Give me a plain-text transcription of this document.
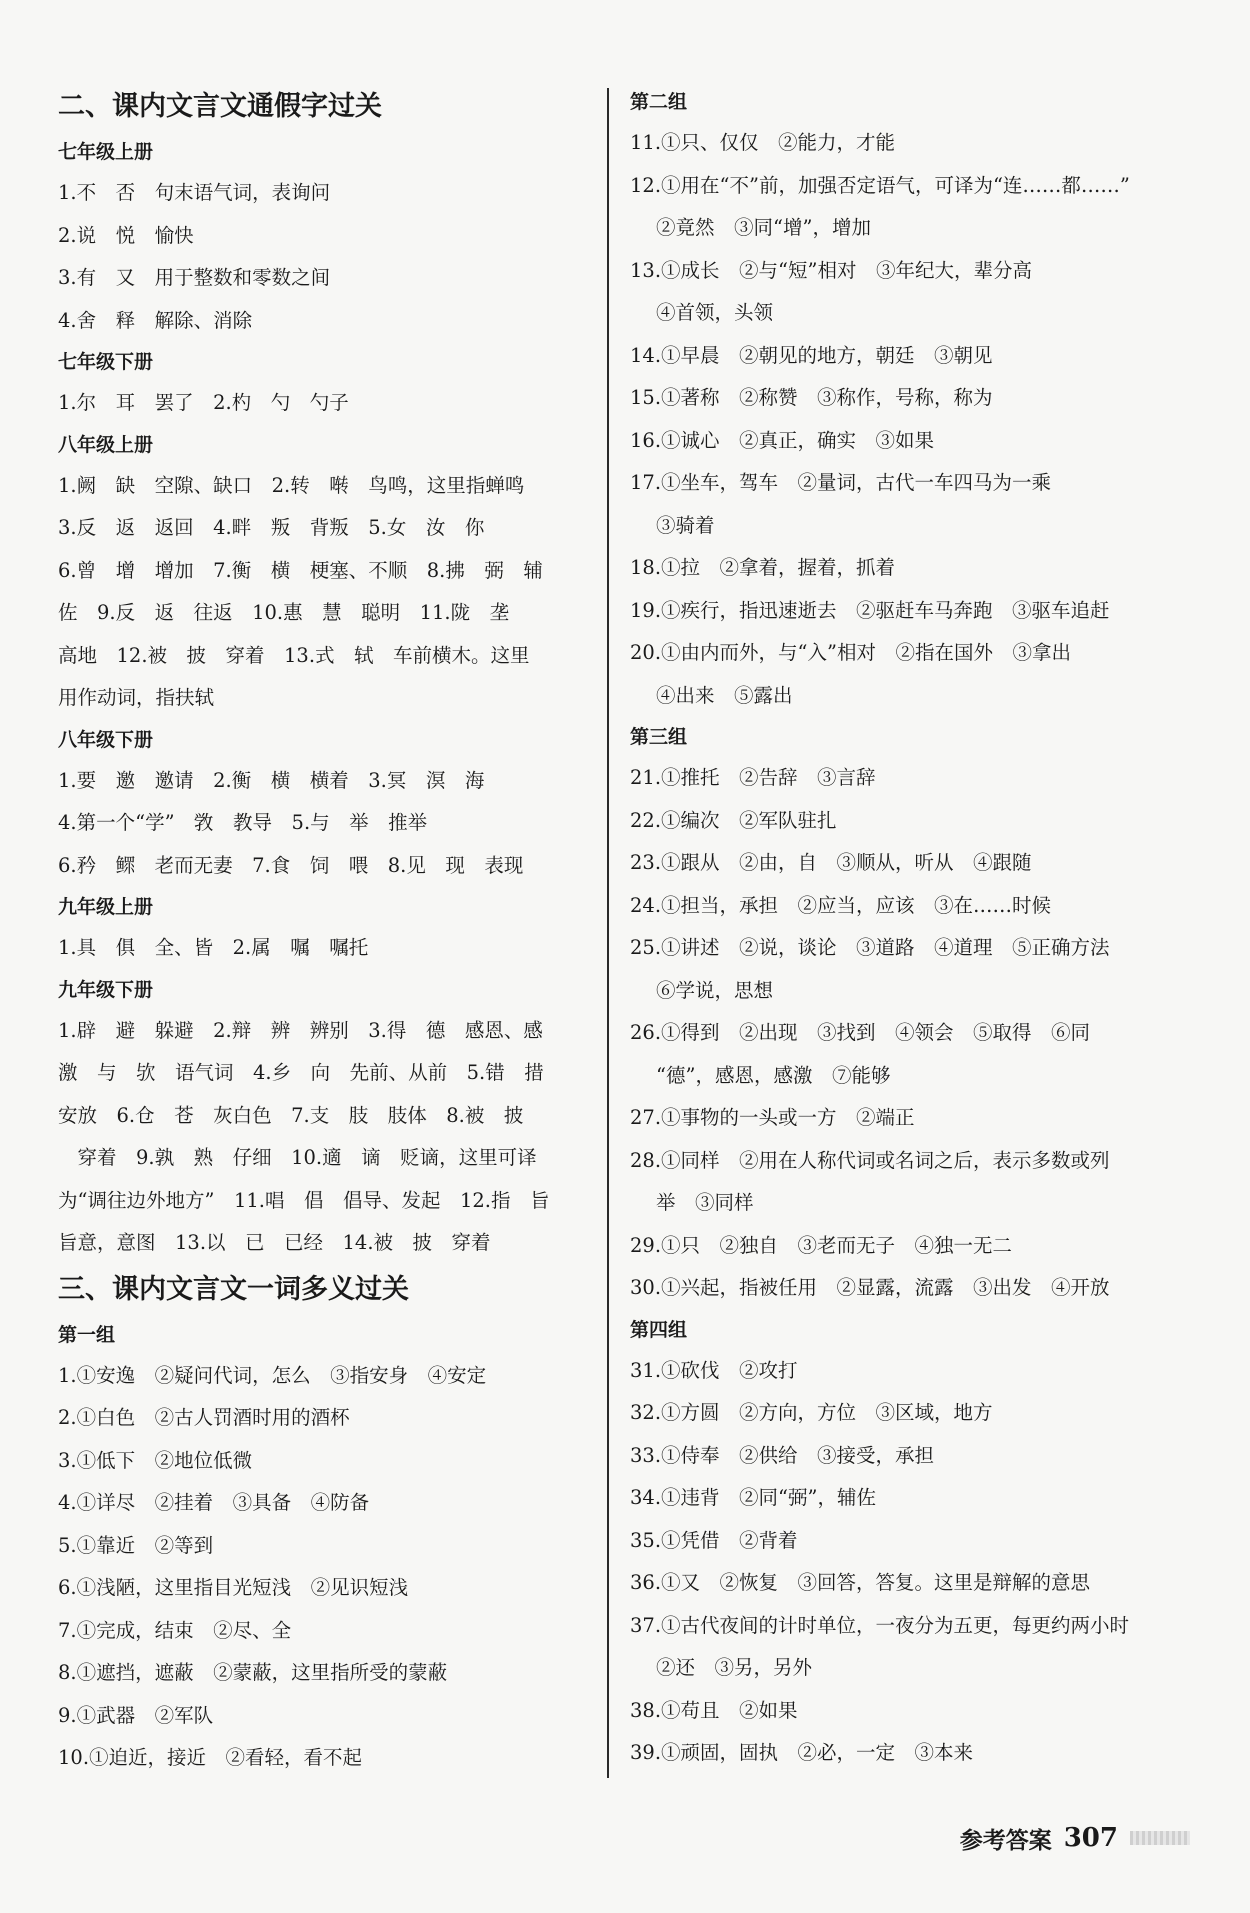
二、课内文言文通假字过关
七年级上册
1.不　否　句末语气词，表询问
2.说　悦　愉快
3.有　又　用于整数和零数之间
4.舍　释　解除、消除
七年级下册
1.尔　耳　罢了　2.杓　勺　勺子
八年级上册
1.阙　缺　空隙、缺口　2.转　啭　鸟鸣，这里指蝉鸣
3.反　返　返回　4.畔　叛　背叛　5.女　汝　你
6.曾　增　增加　7.衡　横　梗塞、不顺　8.拂　弼　辅
佐　9.反　返　往返　10.惠　慧　聪明　11.陇　垄
高地　12.被　披　穿着　13.式　轼　车前横木。这里
用作动词，指扶轼
八年级下册
1.要　邀　邀请　2.衡　横　横着　3.冥　溟　海
4.第一个“学”　敩　教导　5.与　举　推举
6.矜　鳏　老而无妻　7.食　饲　喂　8.见　现　表现
九年级上册
1.具　俱　全、皆　2.属　嘱　嘱托
九年级下册
1.辟　避　躲避　2.辩　辨　辨别　3.得　德　感恩、感
激　与　欤　语气词　4.乡　向　先前、从前　5.错　措
安放　6.仓　苍　灰白色　7.支　肢　肢体　8.被　披
　穿着　9.孰　熟　仔细　10.適　谪　贬谪，这里可译
为“调往边外地方”　11.唱　倡　倡导、发起　12.指　旨
旨意，意图　13.以　已　已经　14.被　披　穿着
三、课内文言文一词多义过关
第一组
1.①安逸　②疑问代词，怎么　③指安身　④安定
2.①白色　②古人罚酒时用的酒杯
3.①低下　②地位低微
4.①详尽　②挂着　③具备　④防备
5.①靠近　②等到
6.①浅陋，这里指目光短浅　②见识短浅
7.①完成，结束　②尽、全
8.①遮挡，遮蔽　②蒙蔽，这里指所受的蒙蔽
9.①武器　②军队
10.①迫近，接近　②看轻，看不起
第二组
11.①只、仅仅　②能力，才能
12.①用在“不”前，加强否定语气，可译为“连……都……”
②竟然　③同“增”，增加
13.①成长　②与“短”相对　③年纪大，辈分高
④首领，头领
14.①早晨　②朝见的地方，朝廷　③朝见
15.①著称　②称赞　③称作，号称，称为
16.①诚心　②真正，确实　③如果
17.①坐车，驾车　②量词，古代一车四马为一乘
③骑着
18.①拉　②拿着，握着，抓着
19.①疾行，指迅速逝去　②驱赶车马奔跑　③驱车追赶
20.①由内而外，与“入”相对　②指在国外　③拿出
④出来　⑤露出
第三组
21.①推托　②告辞　③言辞
22.①编次　②军队驻扎
23.①跟从　②由，自　③顺从，听从　④跟随
24.①担当，承担　②应当，应该　③在……时候
25.①讲述　②说，谈论　③道路　④道理　⑤正确方法
⑥学说，思想
26.①得到　②出现　③找到　④领会　⑤取得　⑥同
“德”，感恩，感激　⑦能够
27.①事物的一头或一方　②端正
28.①同样　②用在人称代词或名词之后，表示多数或列
举　③同样
29.①只　②独自　③老而无子　④独一无二
30.①兴起，指被任用　②显露，流露　③出发　④开放
第四组
31.①砍伐　②攻打
32.①方圆　②方向，方位　③区域，地方
33.①侍奉　②供给　③接受，承担
34.①违背　②同“弼”，辅佐
35.①凭借　②背着
36.①又　②恢复　③回答，答复。这里是辩解的意思
37.①古代夜间的计时单位，一夜分为五更，每更约两小时
②还　③另，另外
38.①苟且　②如果
39.①顽固，固执　②必，一定　③本来
参考答案 307
